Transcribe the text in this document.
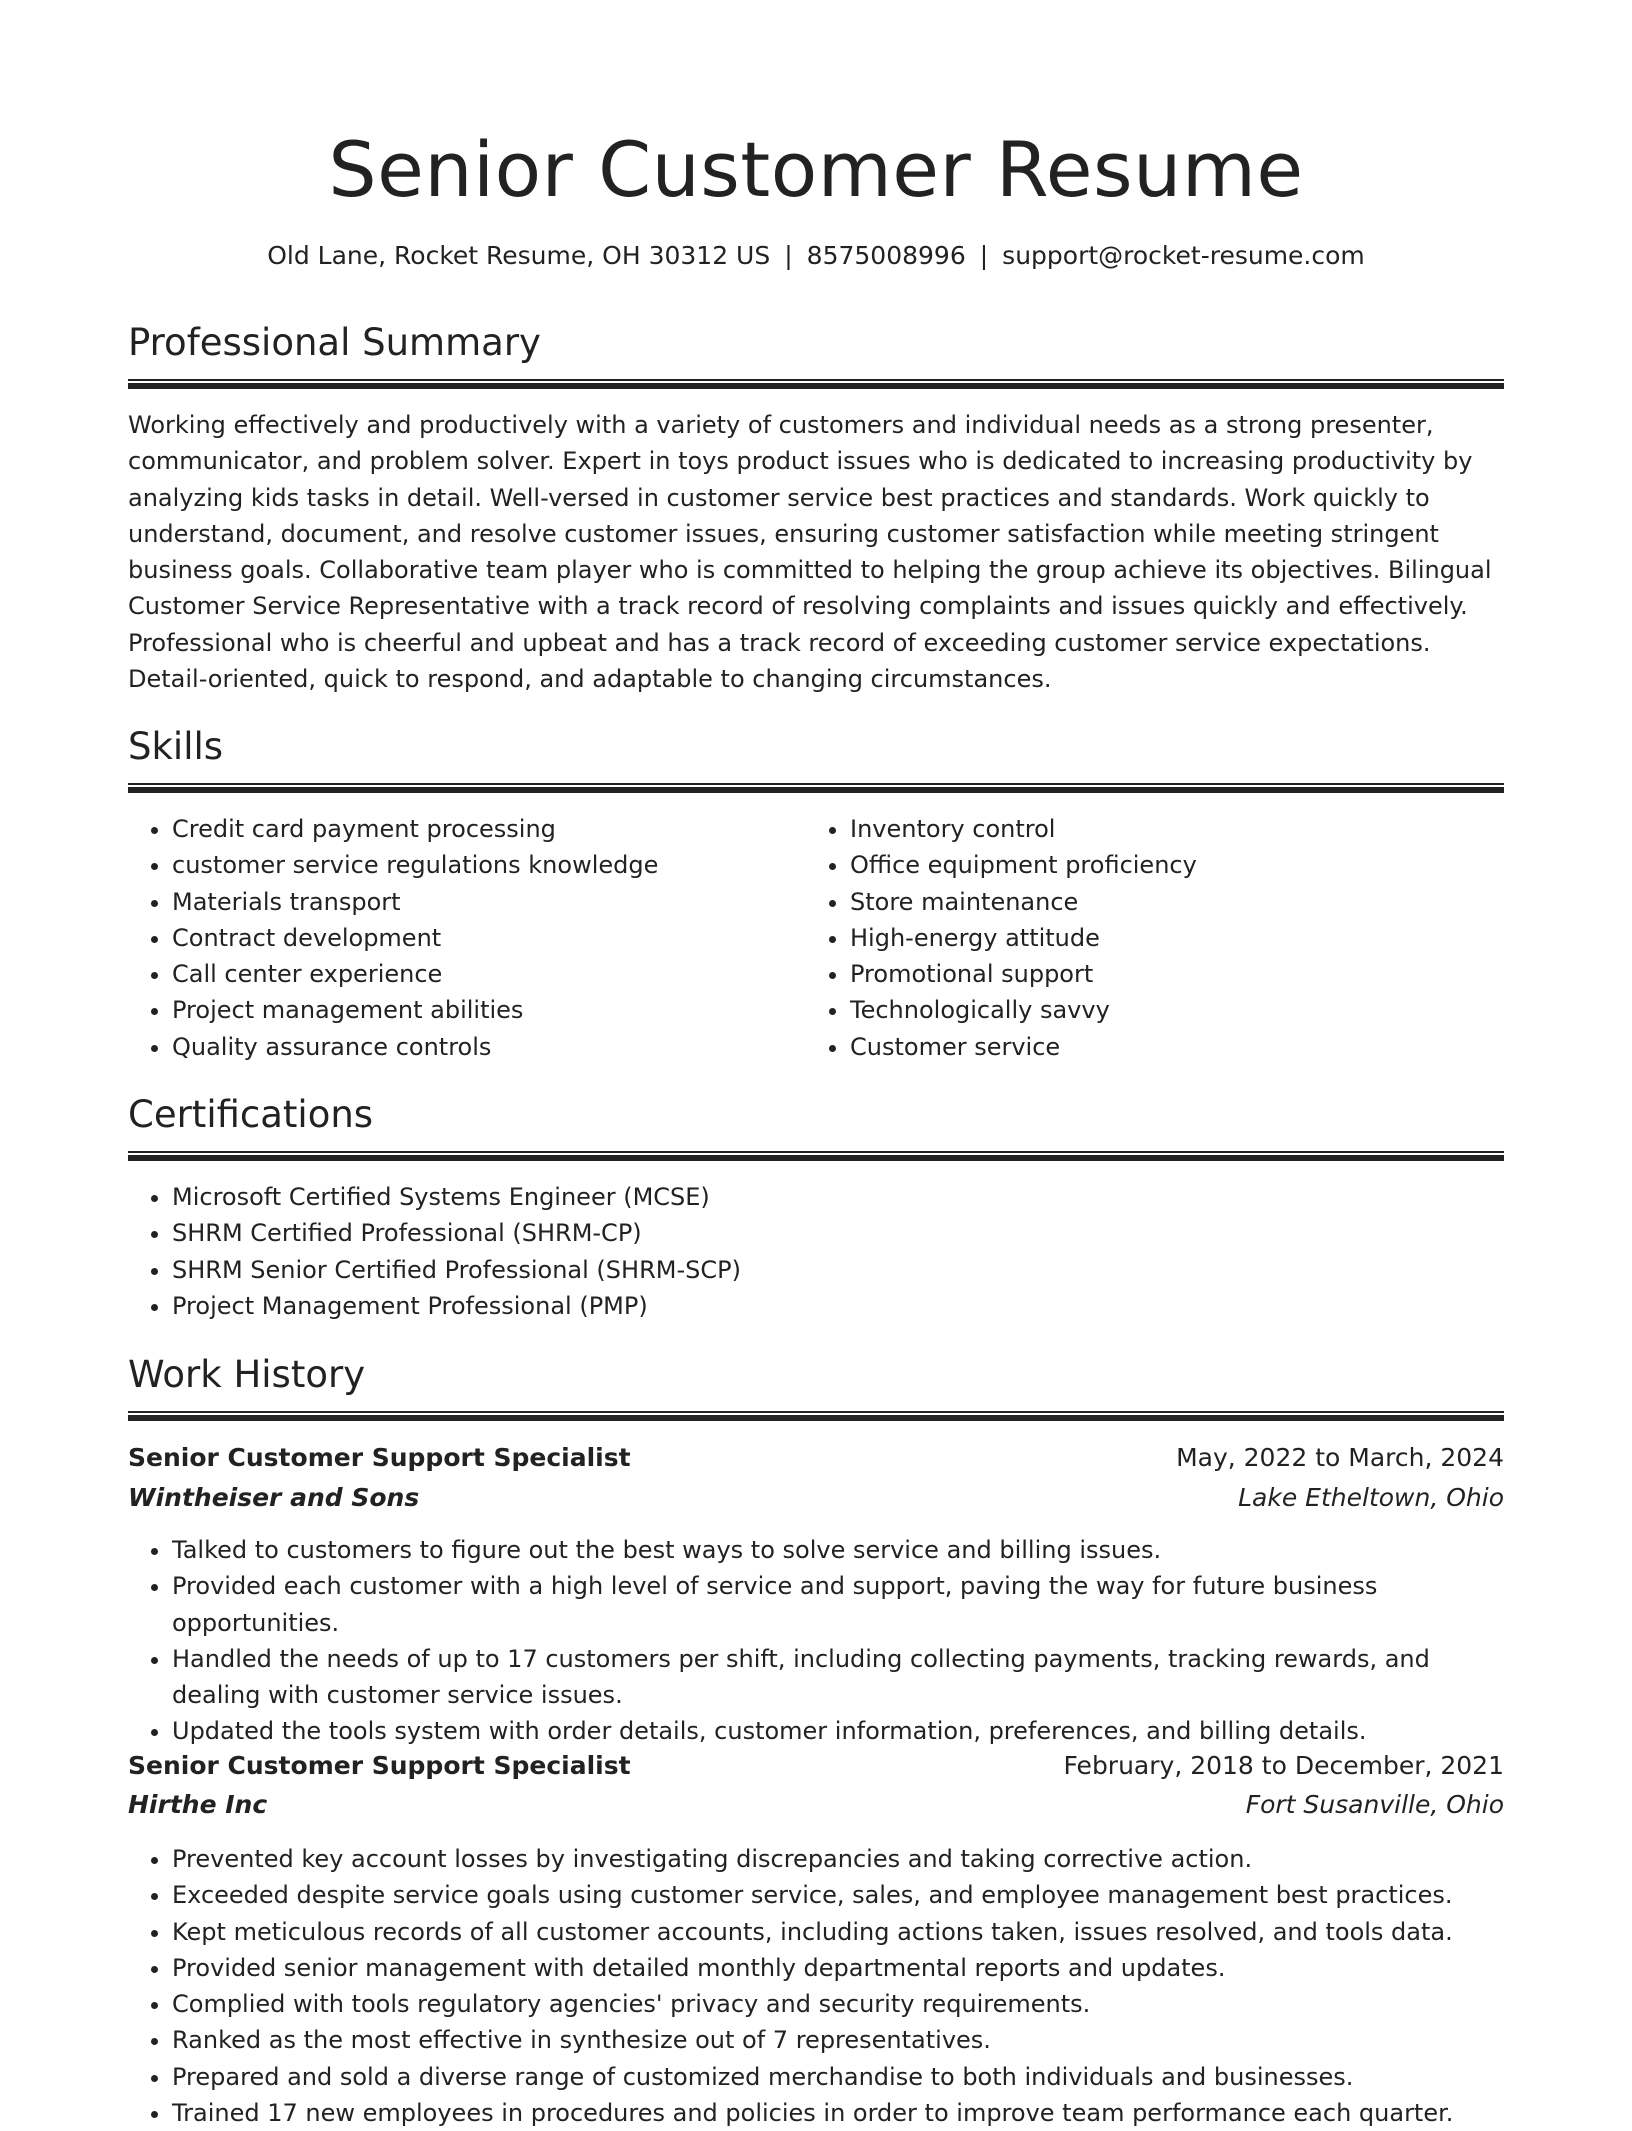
Senior Customer Resume
Old Lane, Rocket Resume, OH 30312 US | 8575008996 | support@rocket-resume.com
Professional Summary

Working effectively and productively with a variety of customers and individual needs as a strong presenter, communicator, and problem solver. Expert in toys product issues who is dedicated to increasing productivity by analyzing kids tasks in detail. Well-versed in customer service best practices and standards. Work quickly to understand, document, and resolve customer issues, ensuring customer satisfaction while meeting stringent business goals. Collaborative team player who is committed to helping the group achieve its objectives. Bilingual Customer Service Representative with a track record of resolving complaints and issues quickly and effectively. Professional who is cheerful and upbeat and has a track record of exceeding customer service expectations. Detail-oriented, quick to respond, and adaptable to changing circumstances.

Skills
• Credit card payment processing
• customer service regulations knowledge
• Materials transport
• Contract development
• Call center experience
• Project management abilities
• Quality assurance controls
• Inventory control
• Office equipment proficiency
• Store maintenance
• High-energy attitude
• Promotional support
• Technologically savvy
• Customer service
Certifications
• Microsoft Certified Systems Engineer (MCSE)
• SHRM Certified Professional (SHRM-CP)
• SHRM Senior Certified Professional (SHRM-SCP)
• Project Management Professional (PMP)
Work History
Senior Customer Support Specialist	May, 2022 to March, 2024
Wintheiser and Sons	Lake Etheltown, Ohio
• Talked to customers to figure out the best ways to solve service and billing issues.
• Provided each customer with a high level of service and support, paving the way for future business opportunities.
• Handled the needs of up to 17 customers per shift, including collecting payments, tracking rewards, and dealing with customer service issues.
• Updated the tools system with order details, customer information, preferences, and billing details.
Senior Customer Support Specialist	February, 2018 to December, 2021
Hirthe Inc	Fort Susanville, Ohio
• Prevented key account losses by investigating discrepancies and taking corrective action.
• Exceeded despite service goals using customer service, sales, and employee management best practices.
• Kept meticulous records of all customer accounts, including actions taken, issues resolved, and tools data.
• Provided senior management with detailed monthly departmental reports and updates.
• Complied with tools regulatory agencies' privacy and security requirements.
• Ranked as the most effective in synthesize out of 7 representatives.
• Prepared and sold a diverse range of customized merchandise to both individuals and businesses.
• Trained 17 new employees in procedures and policies in order to improve team performance each quarter.
